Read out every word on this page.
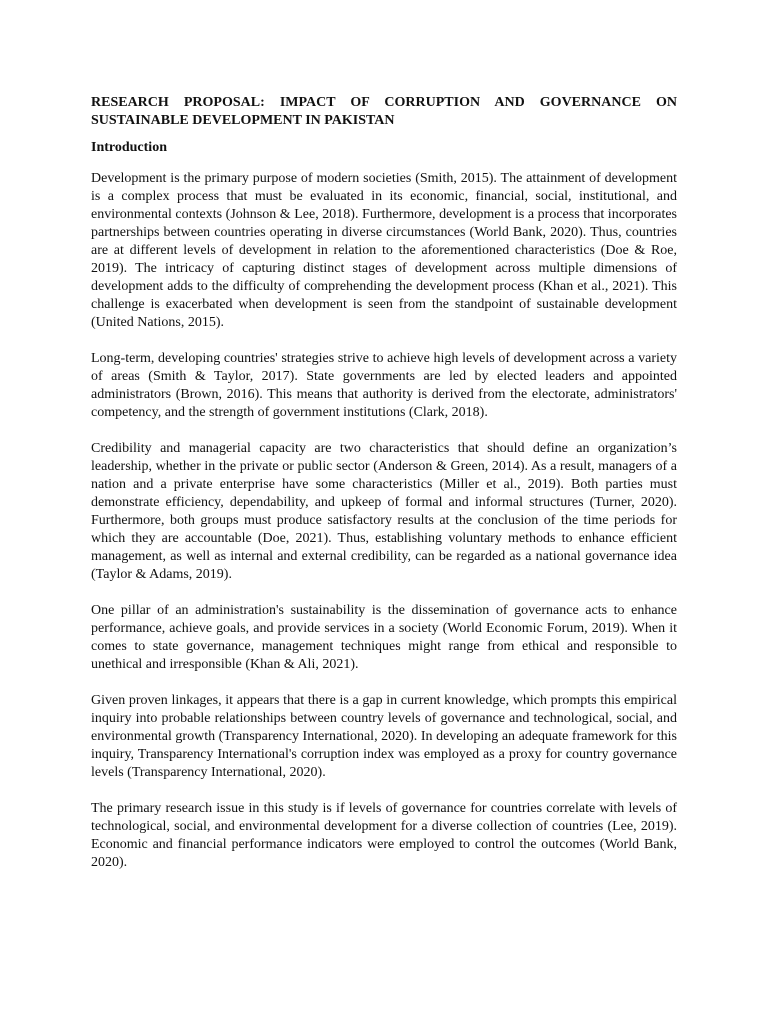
RESEARCH PROPOSAL: IMPACT OF CORRUPTION AND GOVERNANCE ON SUSTAINABLE DEVELOPMENT IN PAKISTAN

Introduction

Development is the primary purpose of modern societies (Smith, 2015). The attainment of development is a complex process that must be evaluated in its economic, financial, social, institutional, and environmental contexts (Johnson & Lee, 2018). Furthermore, development is a process that incorporates partnerships between countries operating in diverse circumstances (World Bank, 2020). Thus, countries are at different levels of development in relation to the aforementioned characteristics (Doe & Roe, 2019). The intricacy of capturing distinct stages of development across multiple dimensions of development adds to the difficulty of comprehending the development process (Khan et al., 2021). This challenge is exacerbated when development is seen from the standpoint of sustainable development (United Nations, 2015).

Long-term, developing countries' strategies strive to achieve high levels of development across a variety of areas (Smith & Taylor, 2017). State governments are led by elected leaders and appointed administrators (Brown, 2016). This means that authority is derived from the electorate, administrators' competency, and the strength of government institutions (Clark, 2018).

Credibility and managerial capacity are two characteristics that should define an organization’s leadership, whether in the private or public sector (Anderson & Green, 2014). As a result, managers of a nation and a private enterprise have some characteristics (Miller et al., 2019). Both parties must demonstrate efficiency, dependability, and upkeep of formal and informal structures (Turner, 2020). Furthermore, both groups must produce satisfactory results at the conclusion of the time periods for which they are accountable (Doe, 2021). Thus, establishing voluntary methods to enhance efficient management, as well as internal and external credibility, can be regarded as a national governance idea (Taylor & Adams, 2019).

One pillar of an administration's sustainability is the dissemination of governance acts to enhance performance, achieve goals, and provide services in a society (World Economic Forum, 2019). When it comes to state governance, management techniques might range from ethical and responsible to unethical and irresponsible (Khan & Ali, 2021).

Given proven linkages, it appears that there is a gap in current knowledge, which prompts this empirical inquiry into probable relationships between country levels of governance and technological, social, and environmental growth (Transparency International, 2020). In developing an adequate framework for this inquiry, Transparency International's corruption index was employed as a proxy for country governance levels (Transparency International, 2020).

The primary research issue in this study is if levels of governance for countries correlate with levels of technological, social, and environmental development for a diverse collection of countries (Lee, 2019). Economic and financial performance indicators were employed to control the outcomes (World Bank, 2020).
